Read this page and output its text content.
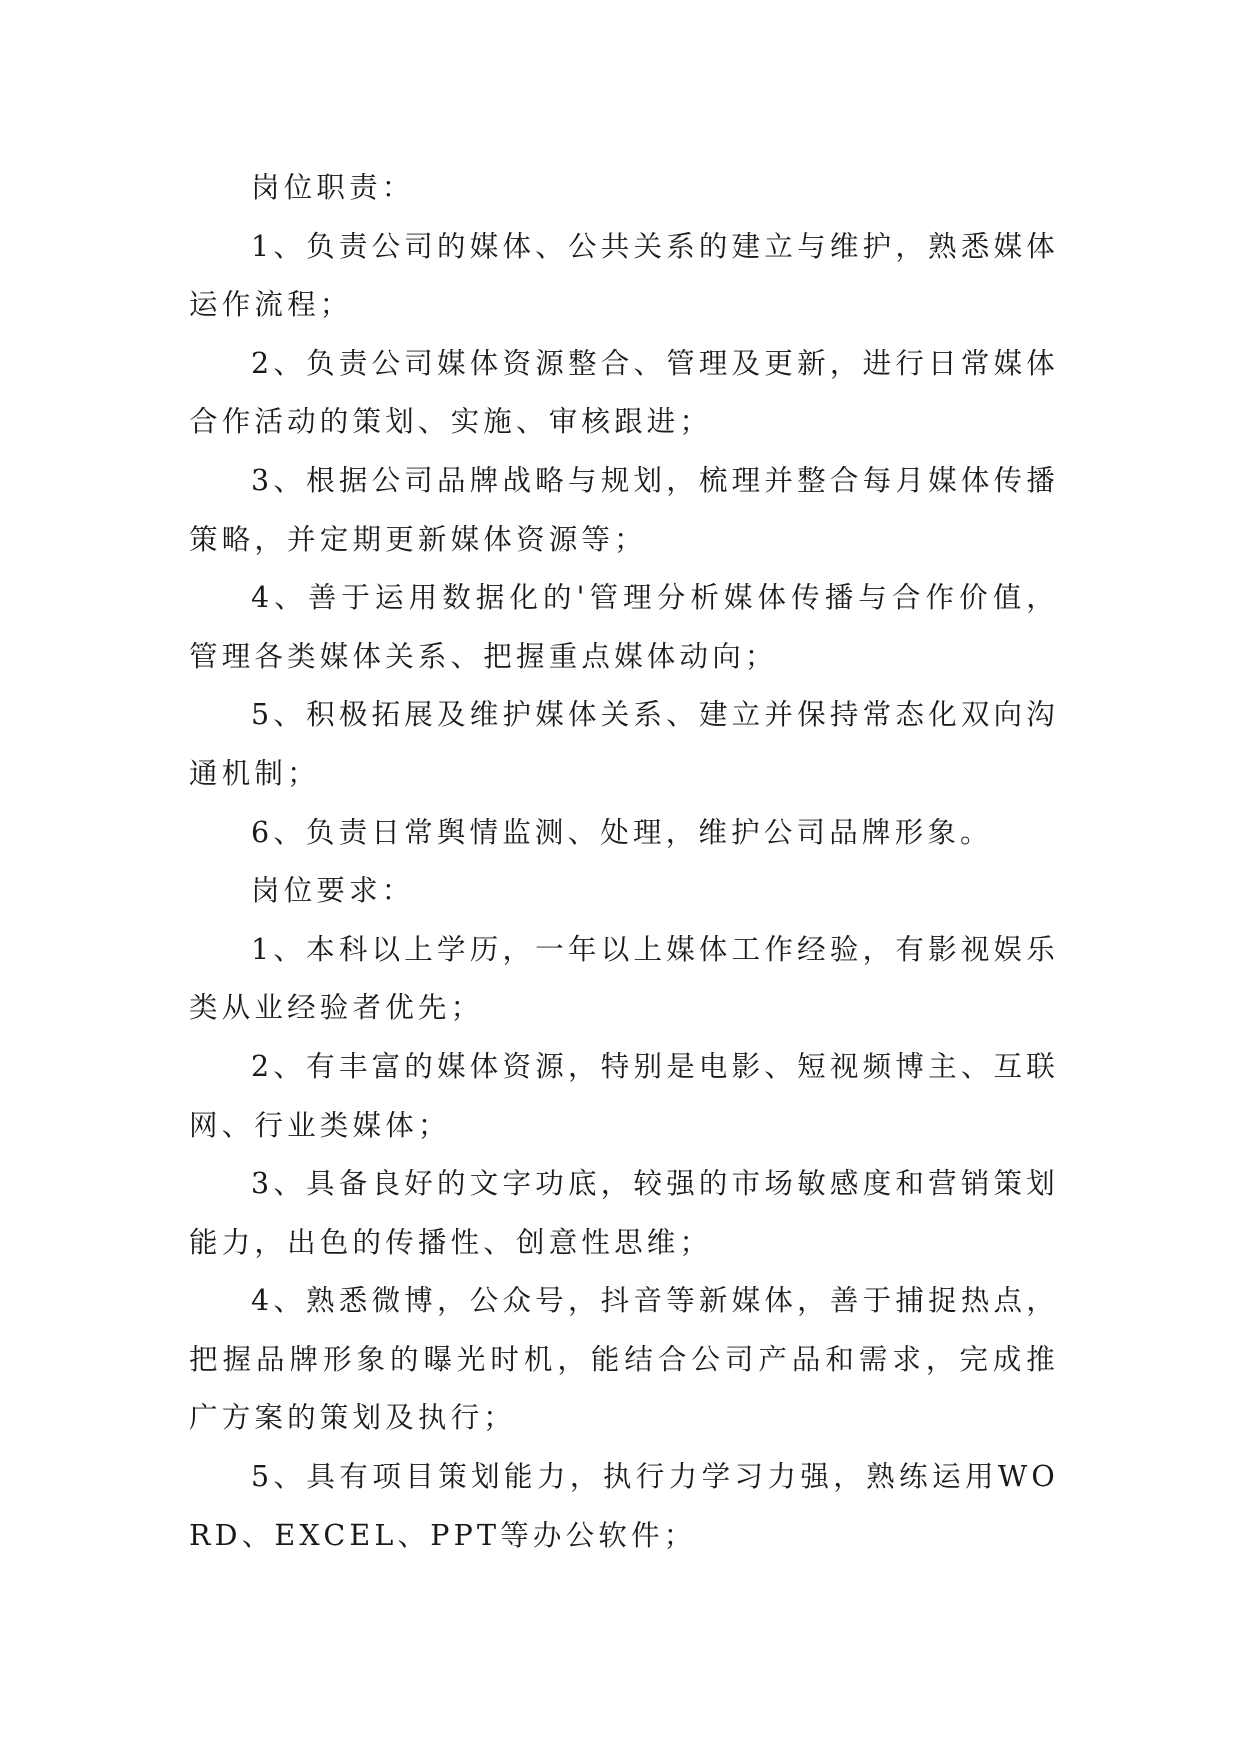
岗位职责：

1、负责公司的媒体、公共关系的建立与维护，熟悉媒体运作流程；

2、负责公司媒体资源整合、管理及更新，进行日常媒体合作活动的策划、实施、审核跟进；

3、根据公司品牌战略与规划，梳理并整合每月媒体传播策略，并定期更新媒体资源等；

4、善于运用数据化的'管理分析媒体传播与合作价值，管理各类媒体关系、把握重点媒体动向；

5、积极拓展及维护媒体关系、建立并保持常态化双向沟通机制；

6、负责日常舆情监测、处理，维护公司品牌形象。

岗位要求：

1、本科以上学历，一年以上媒体工作经验，有影视娱乐类从业经验者优先；

2、有丰富的媒体资源，特别是电影、短视频博主、互联网、行业类媒体；

3、具备良好的文字功底，较强的市场敏感度和营销策划能力，出色的传播性、创意性思维；

4、熟悉微博，公众号，抖音等新媒体，善于捕捉热点，把握品牌形象的曝光时机，能结合公司产品和需求，完成推广方案的策划及执行；

5、具有项目策划能力，执行力学习力强，熟练运用WORD、EXCEL、PPT等办公软件；
